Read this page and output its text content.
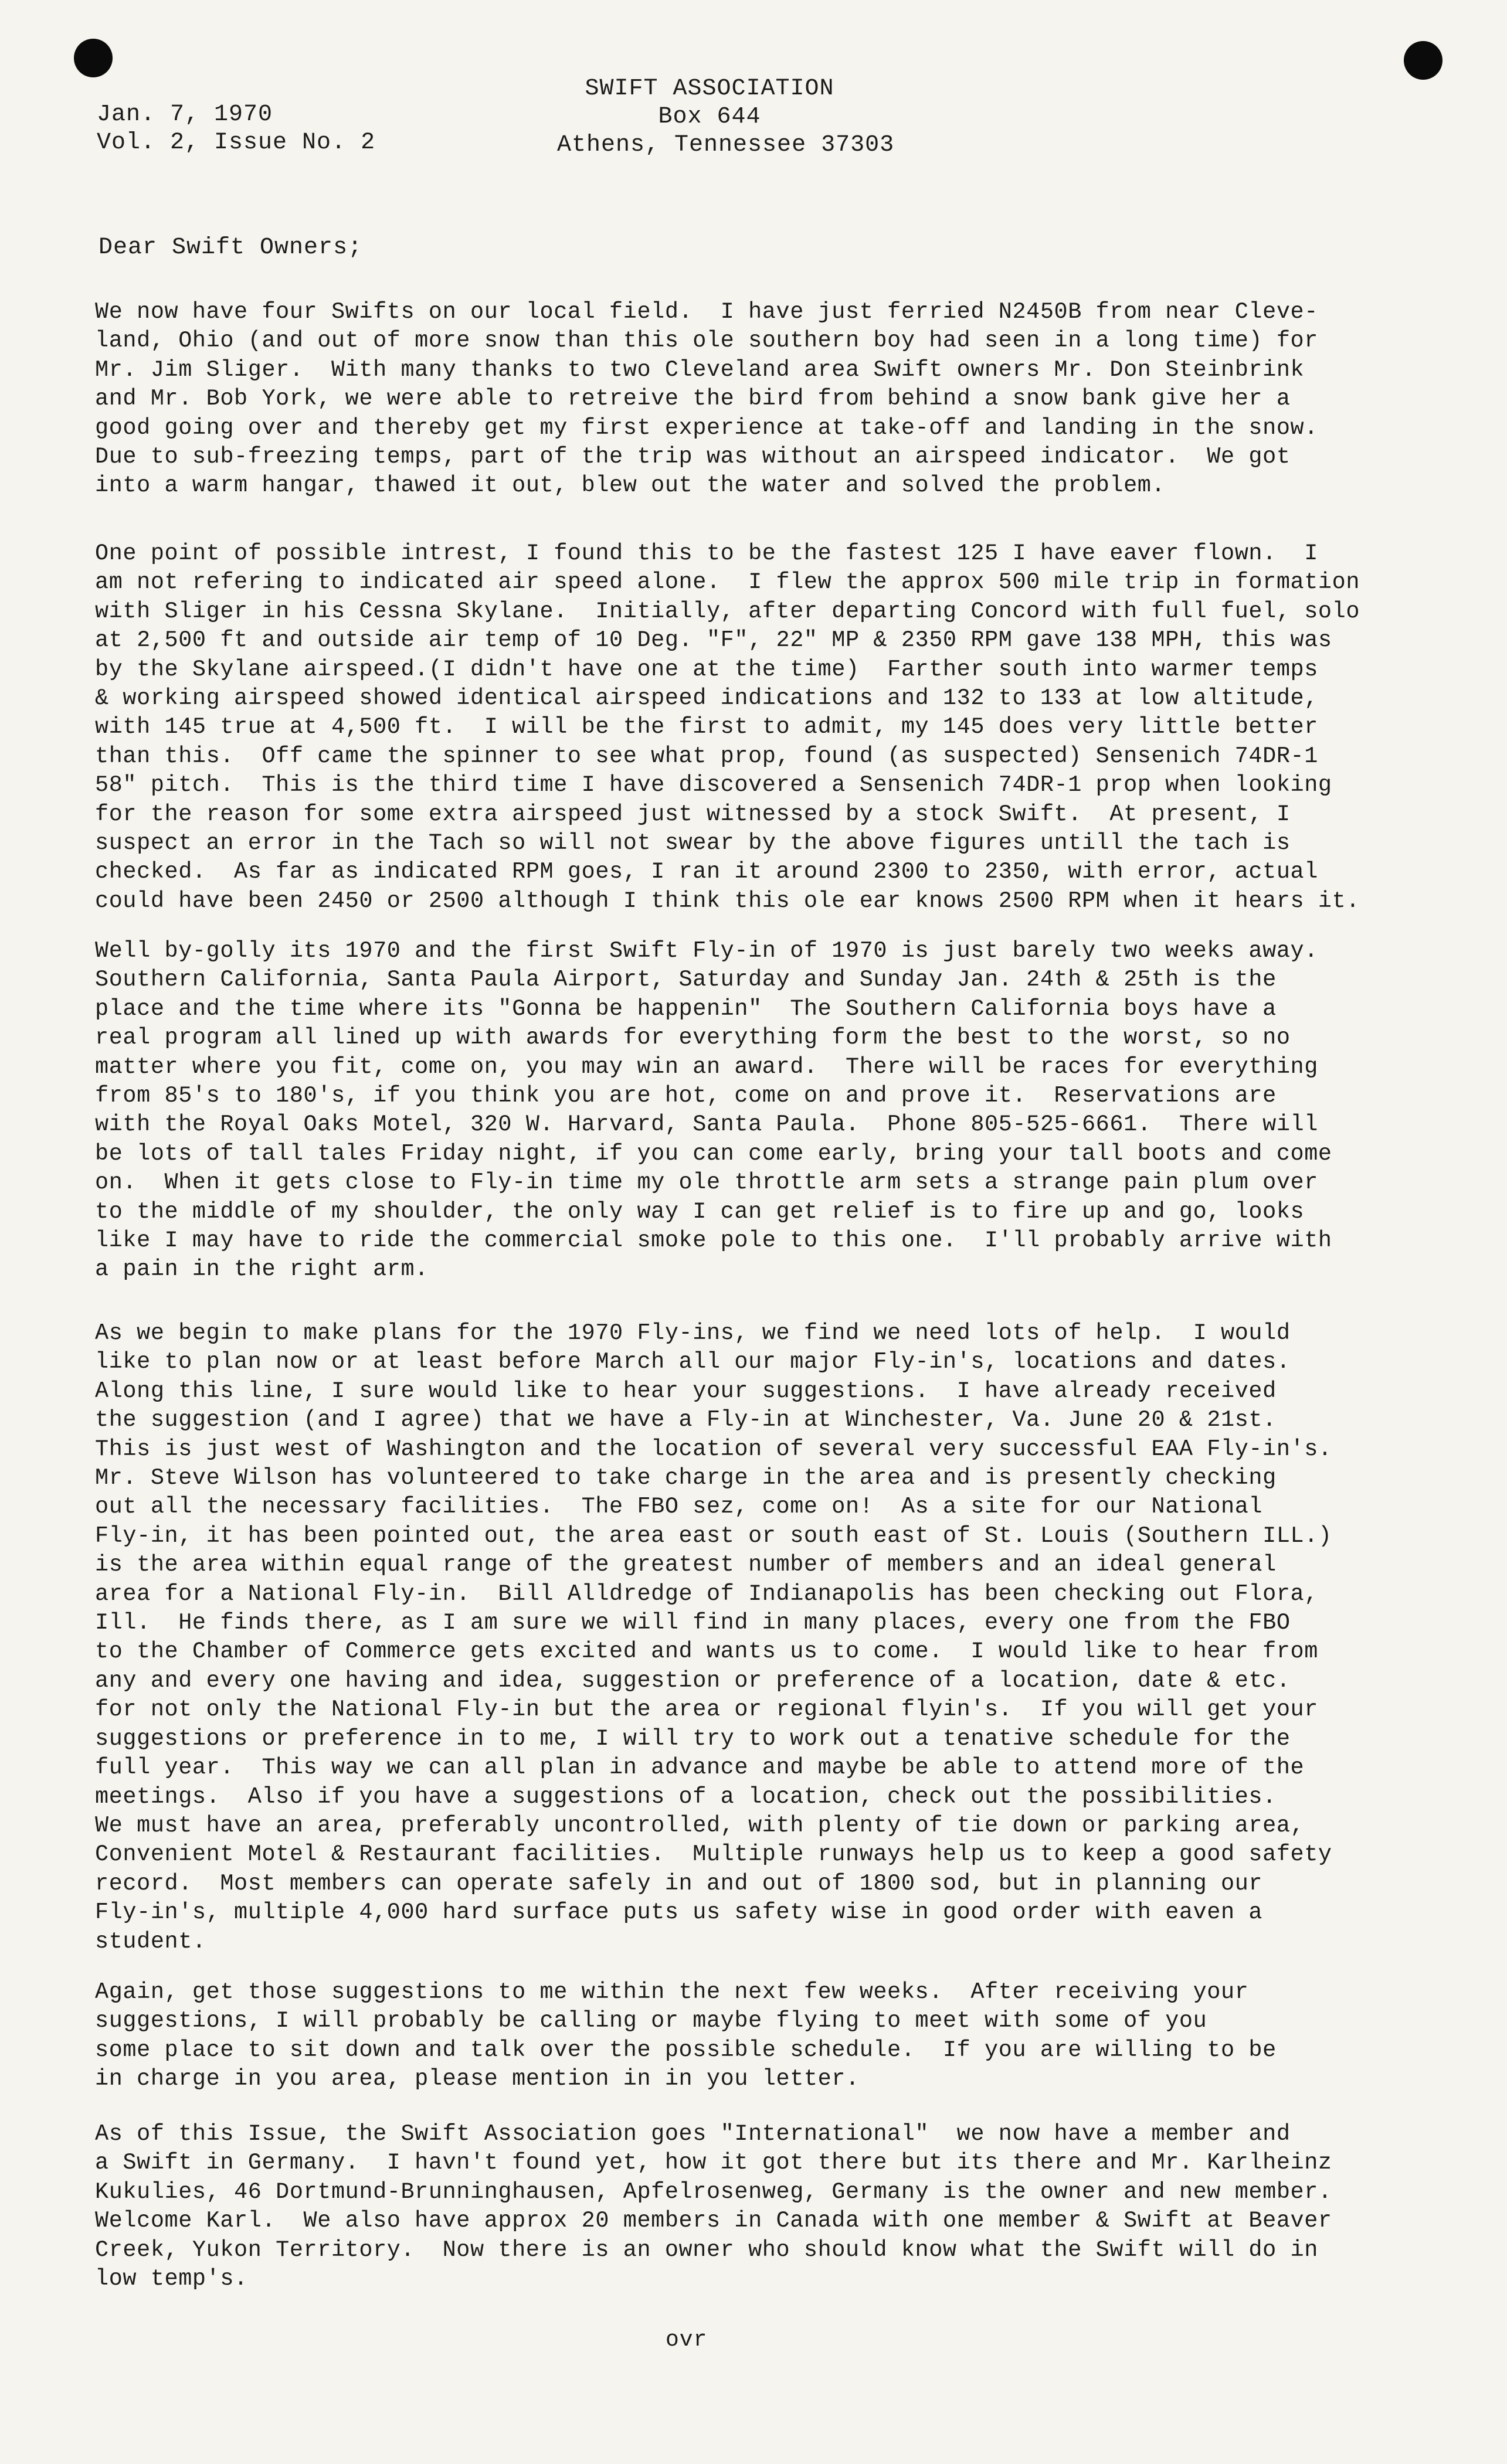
SWIFT ASSOCIATION
Box 644
Athens, Tennessee 37303
Jan. 7, 1970
Vol. 2, Issue No. 2
Dear Swift Owners;
We now have four Swifts on our local field.  I have just ferried N2450B from near Cleve-
land, Ohio (and out of more snow than this ole southern boy had seen in a long time) for
Mr. Jim Sliger.  With many thanks to two Cleveland area Swift owners Mr. Don Steinbrink
and Mr. Bob York, we were able to retreive the bird from behind a snow bank give her a
good going over and thereby get my first experience at take-off and landing in the snow.
Due to sub-freezing temps, part of the trip was without an airspeed indicator.  We got
into a warm hangar, thawed it out, blew out the water and solved the problem.
One point of possible intrest, I found this to be the fastest 125 I have eaver flown.  I
am not refering to indicated air speed alone.  I flew the approx 500 mile trip in formation
with Sliger in his Cessna Skylane.  Initially, after departing Concord with full fuel, solo
at 2,500 ft and outside air temp of 10 Deg. "F", 22" MP & 2350 RPM gave 138 MPH, this was
by the Skylane airspeed.(I didn't have one at the time)  Farther south into warmer temps
& working airspeed showed identical airspeed indications and 132 to 133 at low altitude,
with 145 true at 4,500 ft.  I will be the first to admit, my 145 does very little better
than this.  Off came the spinner to see what prop, found (as suspected) Sensenich 74DR-1
58" pitch.  This is the third time I have discovered a Sensenich 74DR-1 prop when looking
for the reason for some extra airspeed just witnessed by a stock Swift.  At present, I
suspect an error in the Tach so will not swear by the above figures untill the tach is
checked.  As far as indicated RPM goes, I ran it around 2300 to 2350, with error, actual
could have been 2450 or 2500 although I think this ole ear knows 2500 RPM when it hears it.
Well by-golly its 1970 and the first Swift Fly-in of 1970 is just barely two weeks away.
Southern California, Santa Paula Airport, Saturday and Sunday Jan. 24th & 25th is the
place and the time where its "Gonna be happenin"  The Southern California boys have a
real program all lined up with awards for everything form the best to the worst, so no
matter where you fit, come on, you may win an award.  There will be races for everything
from 85's to 180's, if you think you are hot, come on and prove it.  Reservations are
with the Royal Oaks Motel, 320 W. Harvard, Santa Paula.  Phone 805-525-6661.  There will
be lots of tall tales Friday night, if you can come early, bring your tall boots and come
on.  When it gets close to Fly-in time my ole throttle arm sets a strange pain plum over
to the middle of my shoulder, the only way I can get relief is to fire up and go, looks
like I may have to ride the commercial smoke pole to this one.  I'll probably arrive with
a pain in the right arm.
As we begin to make plans for the 1970 Fly-ins, we find we need lots of help.  I would
like to plan now or at least before March all our major Fly-in's, locations and dates.
Along this line, I sure would like to hear your suggestions.  I have already received
the suggestion (and I agree) that we have a Fly-in at Winchester, Va. June 20 & 21st.
This is just west of Washington and the location of several very successful EAA Fly-in's.
Mr. Steve Wilson has volunteered to take charge in the area and is presently checking
out all the necessary facilities.  The FBO sez, come on!  As a site for our National
Fly-in, it has been pointed out, the area east or south east of St. Louis (Southern ILL.)
is the area within equal range of the greatest number of members and an ideal general
area for a National Fly-in.  Bill Alldredge of Indianapolis has been checking out Flora,
Ill.  He finds there, as I am sure we will find in many places, every one from the FBO
to the Chamber of Commerce gets excited and wants us to come.  I would like to hear from
any and every one having and idea, suggestion or preference of a location, date & etc.
for not only the National Fly-in but the area or regional flyin's.  If you will get your
suggestions or preference in to me, I will try to work out a tenative schedule for the
full year.  This way we can all plan in advance and maybe be able to attend more of the
meetings.  Also if you have a suggestions of a location, check out the possibilities.
We must have an area, preferably uncontrolled, with plenty of tie down or parking area,
Convenient Motel & Restaurant facilities.  Multiple runways help us to keep a good safety
record.  Most members can operate safely in and out of 1800 sod, but in planning our
Fly-in's, multiple 4,000 hard surface puts us safety wise in good order with eaven a
student.
Again, get those suggestions to me within the next few weeks.  After receiving your
suggestions, I will probably be calling or maybe flying to meet with some of you
some place to sit down and talk over the possible schedule.  If you are willing to be
in charge in you area, please mention in in you letter.
As of this Issue, the Swift Association goes "International"  we now have a member and
a Swift in Germany.  I havn't found yet, how it got there but its there and Mr. Karlheinz
Kukulies, 46 Dortmund-Brunninghausen, Apfelrosenweg, Germany is the owner and new member.
Welcome Karl.  We also have approx 20 members in Canada with one member & Swift at Beaver
Creek, Yukon Territory.  Now there is an owner who should know what the Swift will do in
low temp's.
ovr
